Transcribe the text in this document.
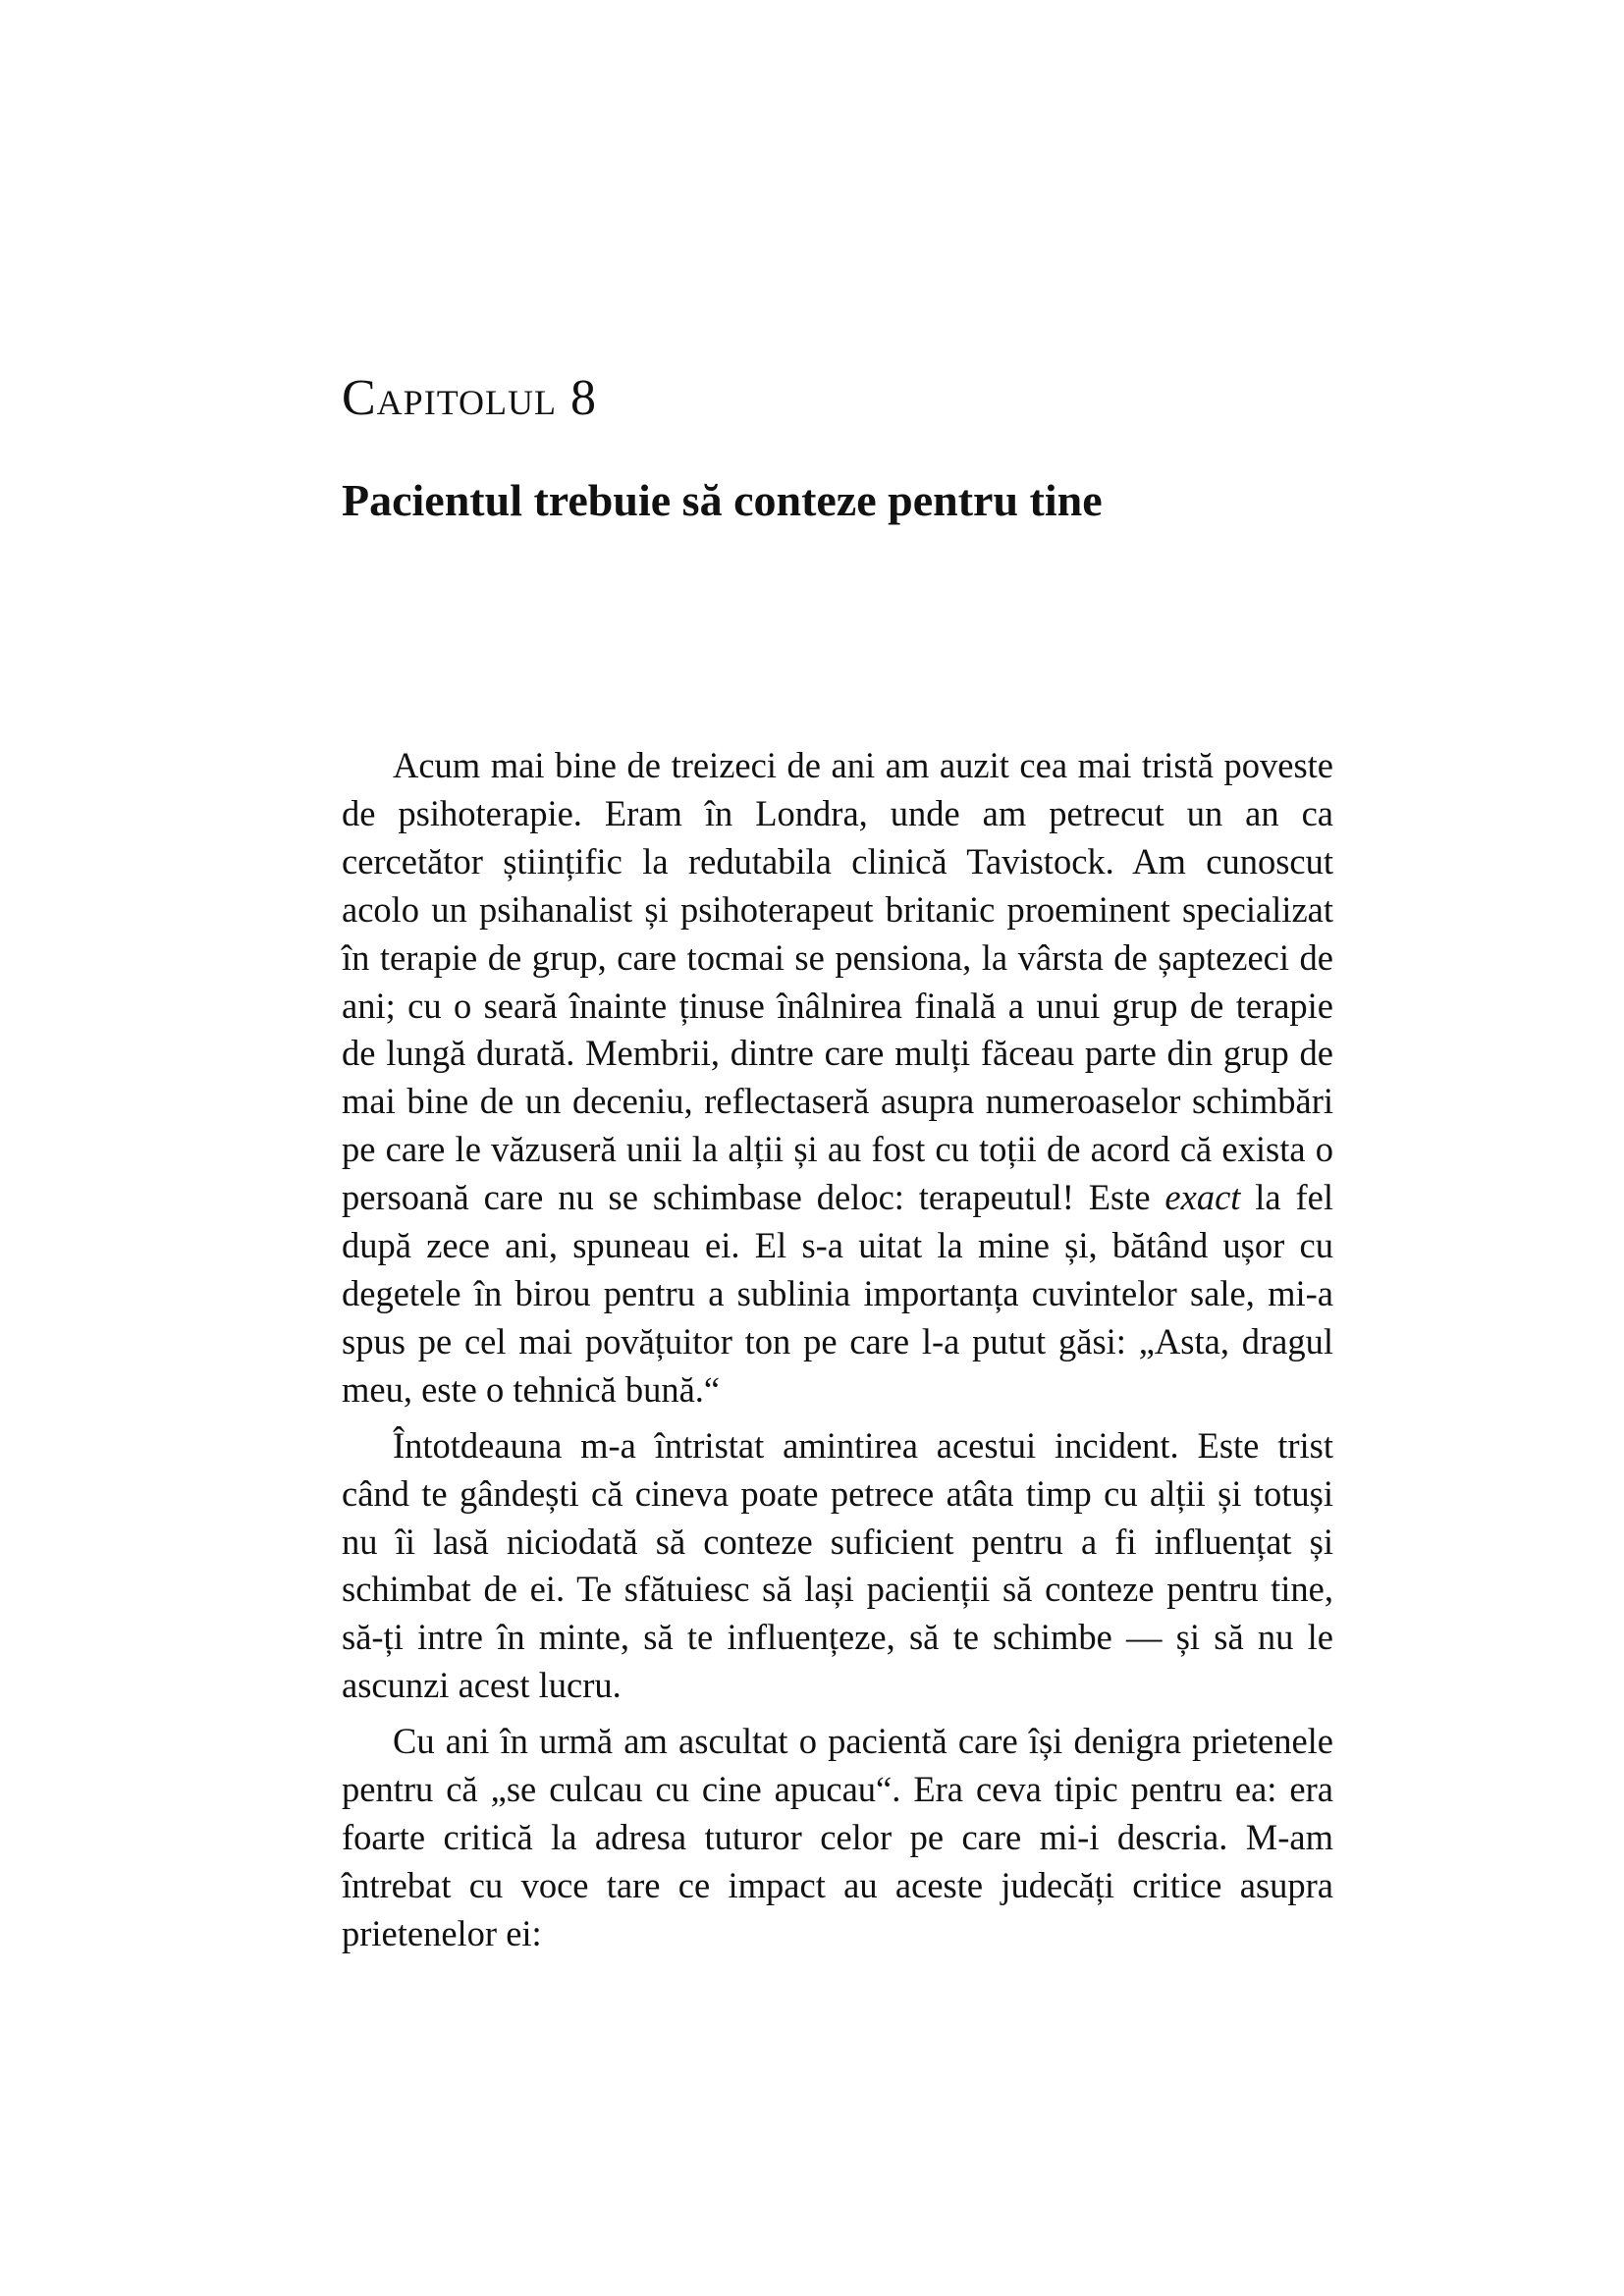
Capitolul 8
Pacientul trebuie să conteze pentru tine

Acum mai bine de treizeci de ani am auzit cea mai tristă poveste de psihoterapie. Eram în Londra, unde am petrecut un an ca cercetător științific la redutabila clinică Tavistock. Am cunoscut acolo un psihanalist și psihoterapeut britanic proeminent specializat în terapie de grup, care tocmai se pensiona, la vârsta de șaptezeci de ani; cu o seară înainte ținuse înâlnirea finală a unui grup de terapie de lungă durată. Membrii, dintre care mulți făceau parte din grup de mai bine de un deceniu, reflectaseră asupra numeroaselor schimbări pe care le văzuseră unii la alții și au fost cu toții de acord că exista o persoană care nu se schimbase deloc: terapeutul! Este exact la fel după zece ani, spuneau ei. El s-a uitat la mine și, bătând ușor cu degetele în birou pentru a sublinia importanța cuvintelor sale, mi-a spus pe cel mai povățuitor ton pe care l-a putut găsi: „Asta, dragul meu, este o tehnică bună.“

Întotdeauna m-a întristat amintirea acestui incident. Este trist când te gândești că cineva poate petrece atâta timp cu alții și totuși nu îi lasă niciodată să conteze suficient pentru a fi influențat și schimbat de ei. Te sfătuiesc să lași pacienții să conteze pentru tine, să-ți intre în minte, să te influențeze, să te schimbe — și să nu le ascunzi acest lucru.

Cu ani în urmă am ascultat o pacientă care își denigra prietenele pentru că „se culcau cu cine apucau“. Era ceva tipic pentru ea: era foarte critică la adresa tuturor celor pe care mi-i descria. M-am întrebat cu voce tare ce impact au aceste judecăți critice asupra prietenelor ei:
